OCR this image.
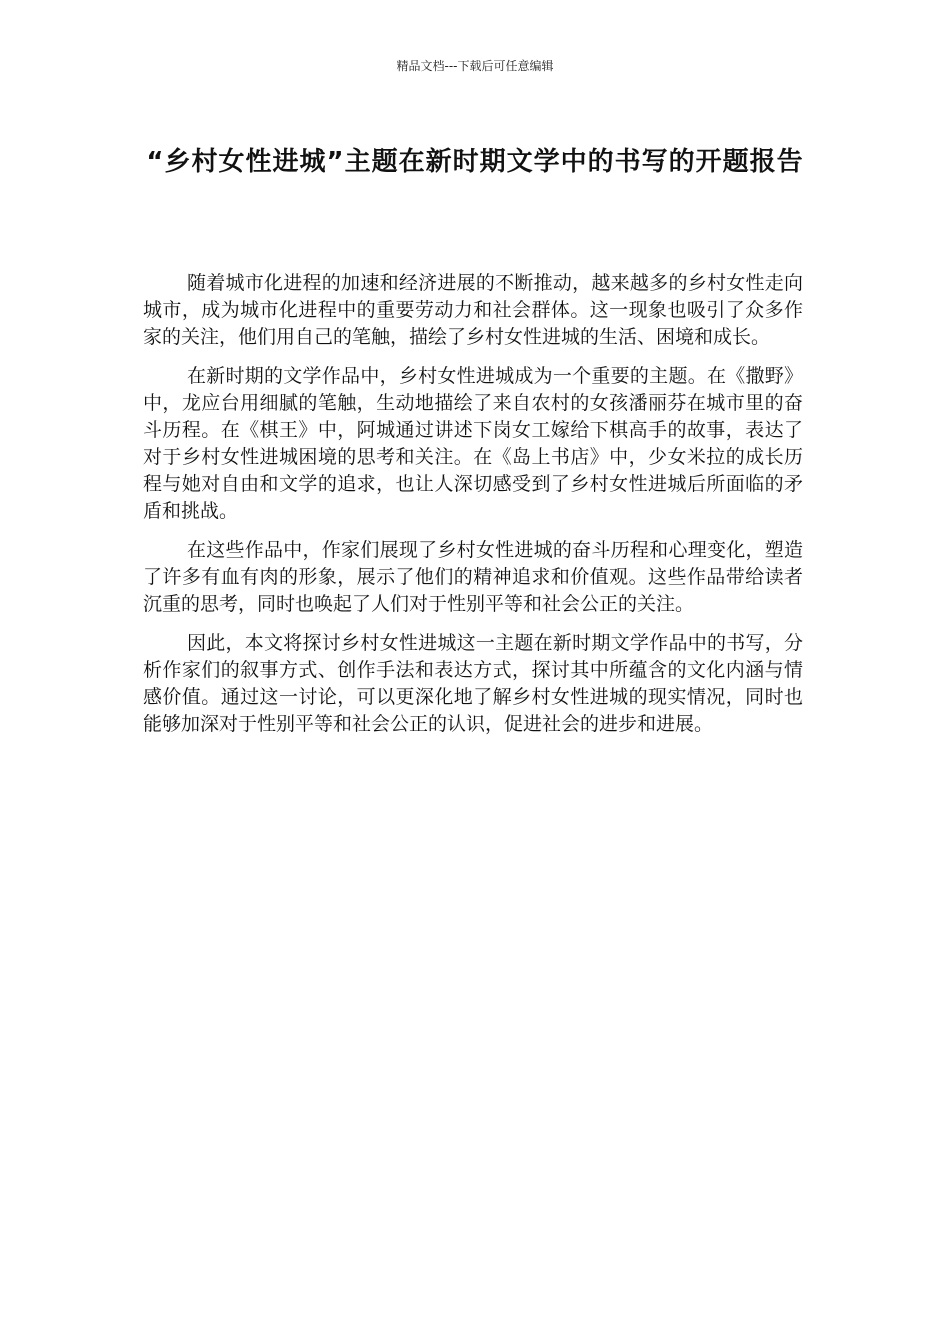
精品文档---下载后可任意编辑
“乡村女性进城”主题在新时期文学中的书写的开题报告

随着城市化进程的加速和经济进展的不断推动，越来越多的乡村女性走向城市，成为城市化进程中的重要劳动力和社会群体。这一现象也吸引了众多作家的关注，他们用自己的笔触，描绘了乡村女性进城的生活、困境和成长。

在新时期的文学作品中，乡村女性进城成为一个重要的主题。在《撒野》中，龙应台用细腻的笔触，生动地描绘了来自农村的女孩潘丽芬在城市里的奋斗历程。在《棋王》中，阿城通过讲述下岗女工嫁给下棋高手的故事，表达了对于乡村女性进城困境的思考和关注。在《岛上书店》中，少女米拉的成长历程与她对自由和文学的追求，也让人深切感受到了乡村女性进城后所面临的矛盾和挑战。

在这些作品中，作家们展现了乡村女性进城的奋斗历程和心理变化，塑造了许多有血有肉的形象，展示了他们的精神追求和价值观。这些作品带给读者沉重的思考，同时也唤起了人们对于性别平等和社会公正的关注。

因此，本文将探讨乡村女性进城这一主题在新时期文学作品中的书写，分析作家们的叙事方式、创作手法和表达方式，探讨其中所蕴含的文化内涵与情感价值。通过这一讨论，可以更深化地了解乡村女性进城的现实情况，同时也能够加深对于性别平等和社会公正的认识，促进社会的进步和进展。
